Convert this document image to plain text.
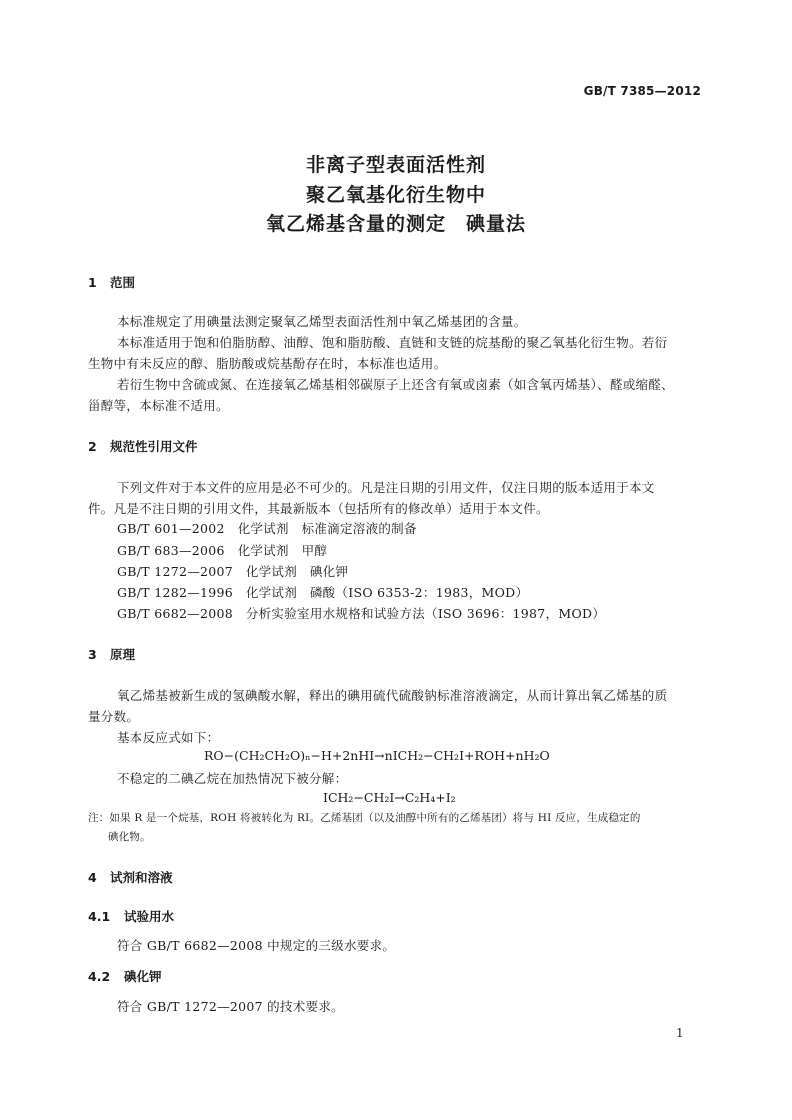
GB/T 7385—2012
非离子型表面活性剂
聚乙氧基化衍生物中
氧乙烯基含量的测定　碘量法
1 范围
本标准规定了用碘量法测定聚氧乙烯型表面活性剂中氧乙烯基团的含量。
本标准适用于饱和伯脂肪醇、油醇、饱和脂肪酸、直链和支链的烷基酚的聚乙氧基化衍生物。若衍
生物中有未反应的醇、脂肪酸或烷基酚存在时，本标准也适用。
若衍生物中含硫或氮、在连接氧乙烯基相邻碳原子上还含有氧或卤素（如含氧丙烯基）、醛或缩醛、
甾醇等，本标准不适用。
2 规范性引用文件
下列文件对于本文件的应用是必不可少的。凡是注日期的引用文件，仅注日期的版本适用于本文
件。凡是不注日期的引用文件，其最新版本（包括所有的修改单）适用于本文件。
GB/T 601—2002　化学试剂　标准滴定溶液的制备
GB/T 683—2006　化学试剂　甲醇
GB/T 1272—2007　化学试剂　碘化钾
GB/T 1282—1996　化学试剂　磷酸（ISO 6353-2：1983，MOD）
GB/T 6682—2008　分析实验室用水规格和试验方法（ISO 3696：1987，MOD）
3 原理
氧乙烯基被新生成的氢碘酸水解，释出的碘用硫代硫酸钠标准溶液滴定，从而计算出氧乙烯基的质
量分数。
基本反应式如下：
RO−(CH₂CH₂O)ₙ−H+2nHI→nICH₂−CH₂I+ROH+nH₂O
不稳定的二碘乙烷在加热情况下被分解：
ICH₂−CH₂I→C₂H₄+I₂
注：如果 R 是一个烷基，ROH 将被转化为 RI。乙烯基团（以及油醇中所有的乙烯基团）将与 HI 反应，生成稳定的
碘化物。
4 试剂和溶液
4.1 试验用水
符合 GB/T 6682—2008 中规定的三级水要求。
4.2 碘化钾
符合 GB/T 1272—2007 的技术要求。
1
